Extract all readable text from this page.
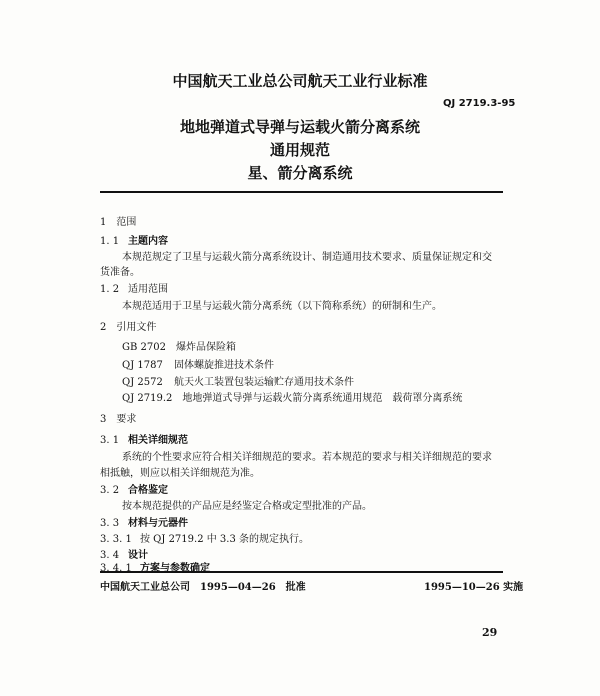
中国航天工业总公司航天工业行业标准
QJ 2719.3-95
地地弹道式导弹与运载火箭分离系统
通用规范
星、箭分离系统
1　范围
1. 1 主题内容
本规范规定了卫星与运载火箭分离系统设计、制造通用技术要求、质量保证规定和交
货准备。
1. 2 适用范围
本规范适用于卫星与运载火箭分离系统（以下简称系统）的研制和生产。
2　引用文件
GB 2702　 爆炸品保险箱
QJ 1787　 固体螺旋推进技术条件
QJ 2572　 航天火工装置包装运输贮存通用技术条件
QJ 2719.2　 地地弹道式导弹与运载火箭分离系统通用规范　载荷罩分离系统
3　要求
3. 1 相关详细规范
系统的个性要求应符合相关详细规范的要求。若本规范的要求与相关详细规范的要求
相抵触，则应以相关详细规范为准。
3. 2 合格鉴定
按本规范提供的产品应是经鉴定合格或定型批准的产品。
3. 3 材料与元器件
3. 3. 1 按 QJ 2719.2 中 3.3 条的规定执行。
3. 4 设计
3. 4. 1 方案与参数确定
中国航天工业总公司　1995—04—26　批准	1995—10—26 实施
29
